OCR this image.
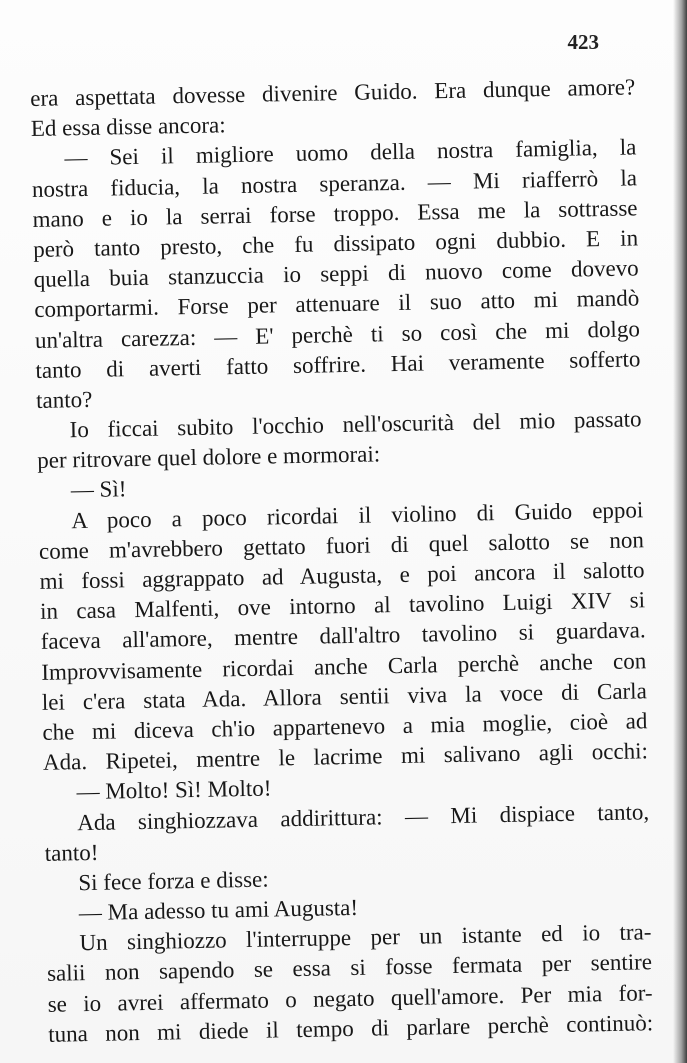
423
era aspettata dovesse divenire Guido. Era dunque amore?
Ed essa disse ancora:
— Sei il migliore uomo della nostra famiglia, la
nostra fiducia, la nostra speranza. — Mi riafferrò la
mano e io la serrai forse troppo. Essa me la sottrasse
però tanto presto, che fu dissipato ogni dubbio. E in
quella buia stanzuccia io seppi di nuovo come dovevo
comportarmi. Forse per attenuare il suo atto mi mandò
un'altra carezza: — E' perchè ti so così che mi dolgo
tanto di averti fatto soffrire. Hai veramente sofferto
tanto?
Io ficcai subito l'occhio nell'oscurità del mio passato
per ritrovare quel dolore e mormorai:
— Sì!
A poco a poco ricordai il violino di Guido eppoi
come m'avrebbero gettato fuori di quel salotto se non
mi fossi aggrappato ad Augusta, e poi ancora il salotto
in casa Malfenti, ove intorno al tavolino Luigi XIV si
faceva all'amore, mentre dall'altro tavolino si guardava.
Improvvisamente ricordai anche Carla perchè anche con
lei c'era stata Ada. Allora sentii viva la voce di Carla
che mi diceva ch'io appartenevo a mia moglie, cioè ad
Ada. Ripetei, mentre le lacrime mi salivano agli occhi:
— Molto! Sì! Molto!
Ada singhiozzava addirittura: — Mi dispiace tanto,
tanto!
Si fece forza e disse:
— Ma adesso tu ami Augusta!
Un singhiozzo l'interruppe per un istante ed io tra-
salii non sapendo se essa si fosse fermata per sentire
se io avrei affermato o negato quell'amore. Per mia for-
tuna non mi diede il tempo di parlare perchè continuò:
